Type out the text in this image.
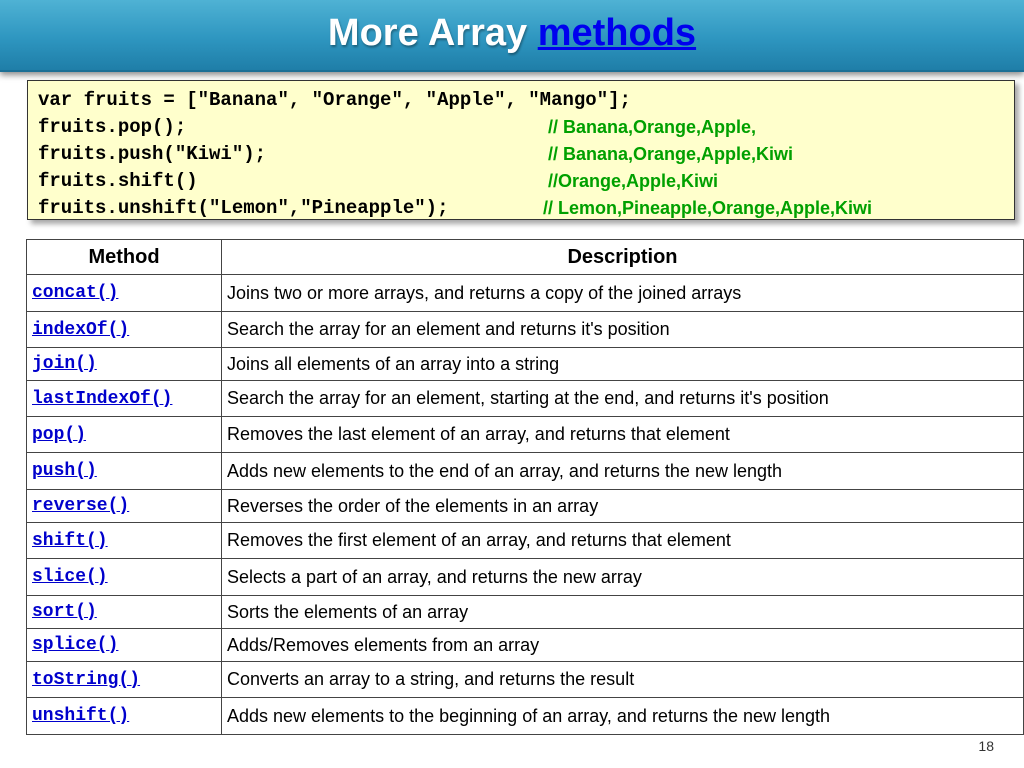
More Array methods
var fruits = ["Banana", "Orange", "Apple", "Mango"];
fruits.pop();	// Banana,Orange,Apple,
fruits.push("Kiwi");	// Banana,Orange,Apple,Kiwi
fruits.shift()	//Orange,Apple,Kiwi
fruits.unshift("Lemon","Pineapple");	// Lemon,Pineapple,Orange,Apple,Kiwi
Method	Description
concat()	Joins two or more arrays, and returns a copy of the joined arrays
indexOf()	Search the array for an element and returns it's position
join()	Joins all elements of an array into a string
lastIndexOf()	Search the array for an element, starting at the end, and returns it's position
pop()	Removes the last element of an array, and returns that element
push()	Adds new elements to the end of an array, and returns the new length
reverse()	Reverses the order of the elements in an array
shift()	Removes the first element of an array, and returns that element
slice()	Selects a part of an array, and returns the new array
sort()	Sorts the elements of an array
splice()	Adds/Removes elements from an array
toString()	Converts an array to a string, and returns the result
unshift()	Adds new elements to the beginning of an array, and returns the new length
18
